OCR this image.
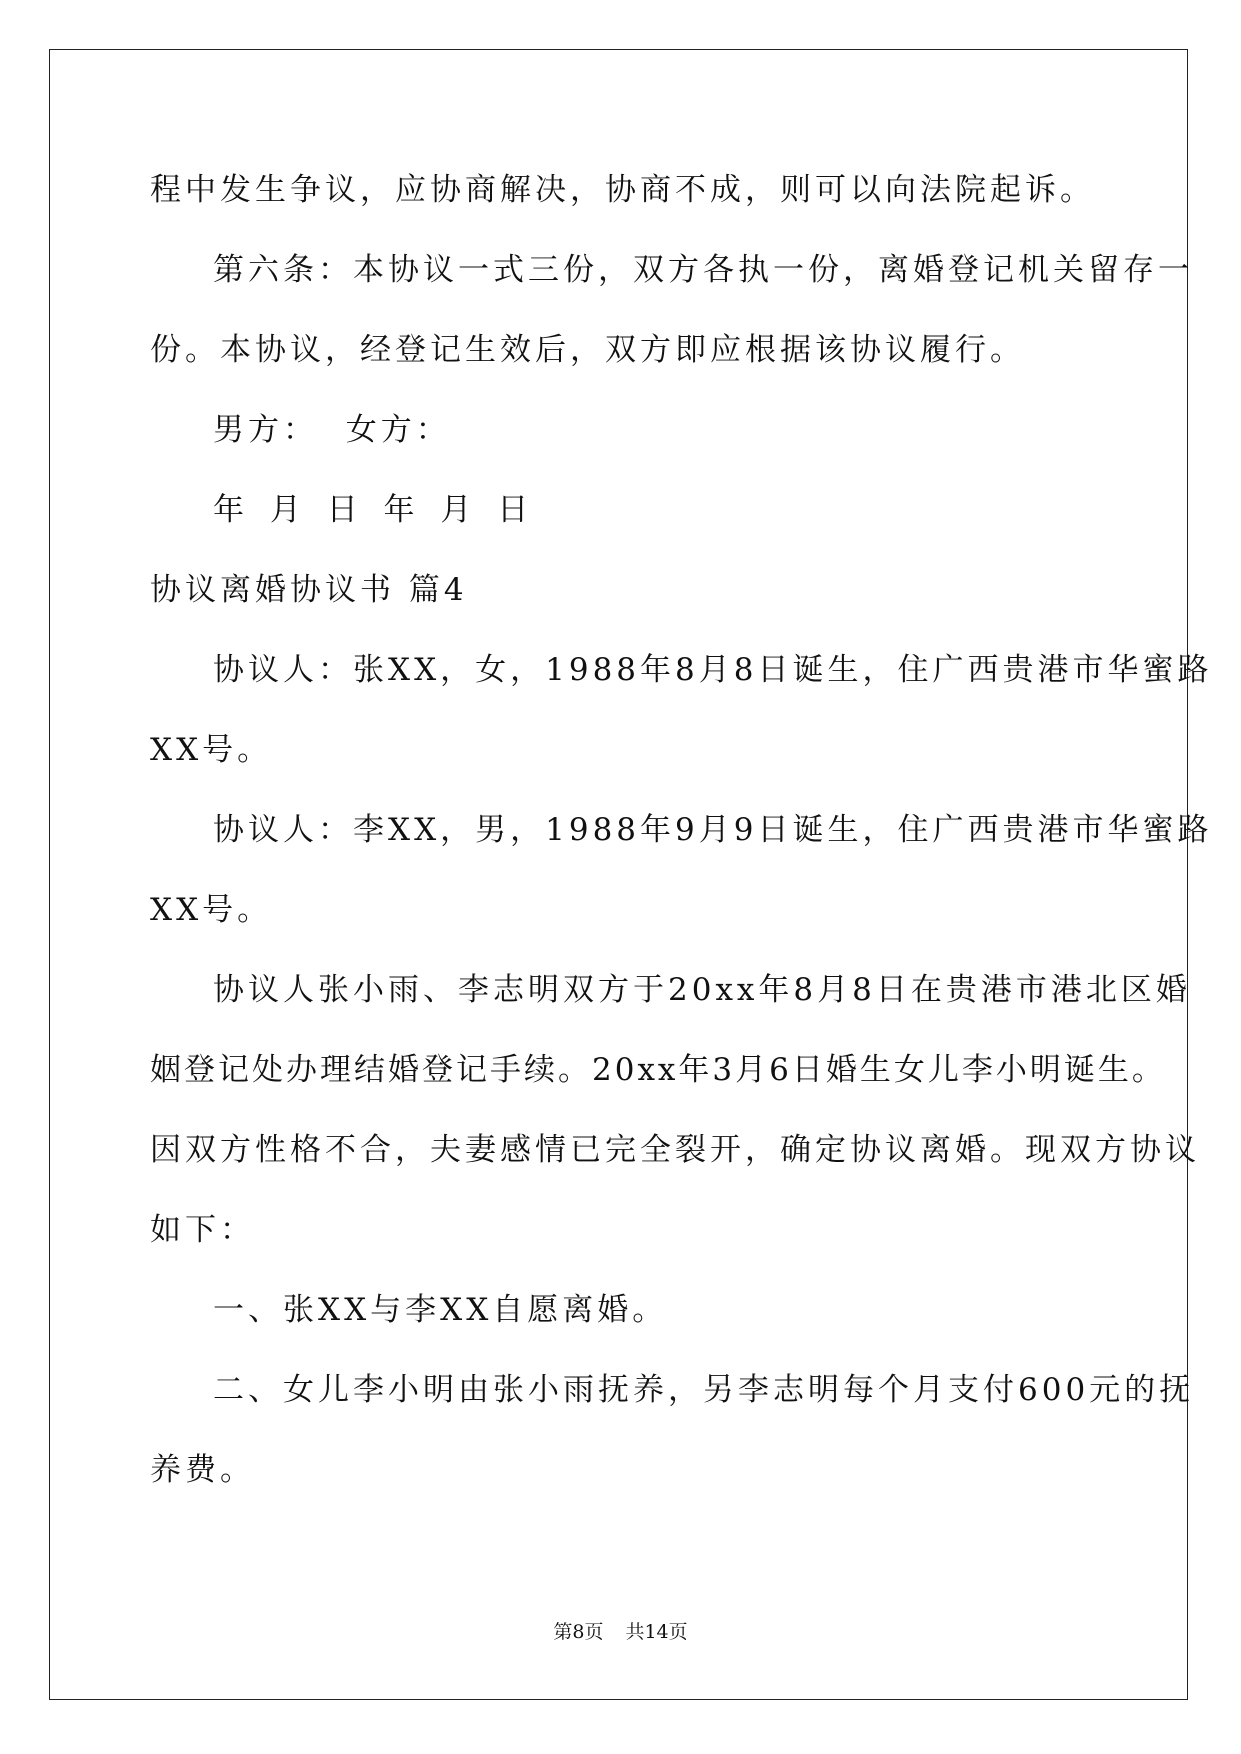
程中发生争议，应协商解决，协商不成，则可以向法院起诉。
第六条：本协议一式三份，双方各执一份，离婚登记机关留存一
份。本协议，经登记生效后，双方即应根据该协议履行。
男方：  女方：
年 月 日 年 月 日
协议离婚协议书 篇4
协议人：张XX，女，1988年8月8日诞生，住广西贵港市华蜜路
XX号。
协议人：李XX，男，1988年9月9日诞生，住广西贵港市华蜜路
XX号。
协议人张小雨、李志明双方于20xx年8月8日在贵港市港北区婚
姻登记处办理结婚登记手续。20xx年3月6日婚生女儿李小明诞生。
因双方性格不合，夫妻感情已完全裂开，确定协议离婚。现双方协议
如下：
一、张XX与李XX自愿离婚。
二、女儿李小明由张小雨抚养，另李志明每个月支付600元的抚
养费。
第8页 共14页
